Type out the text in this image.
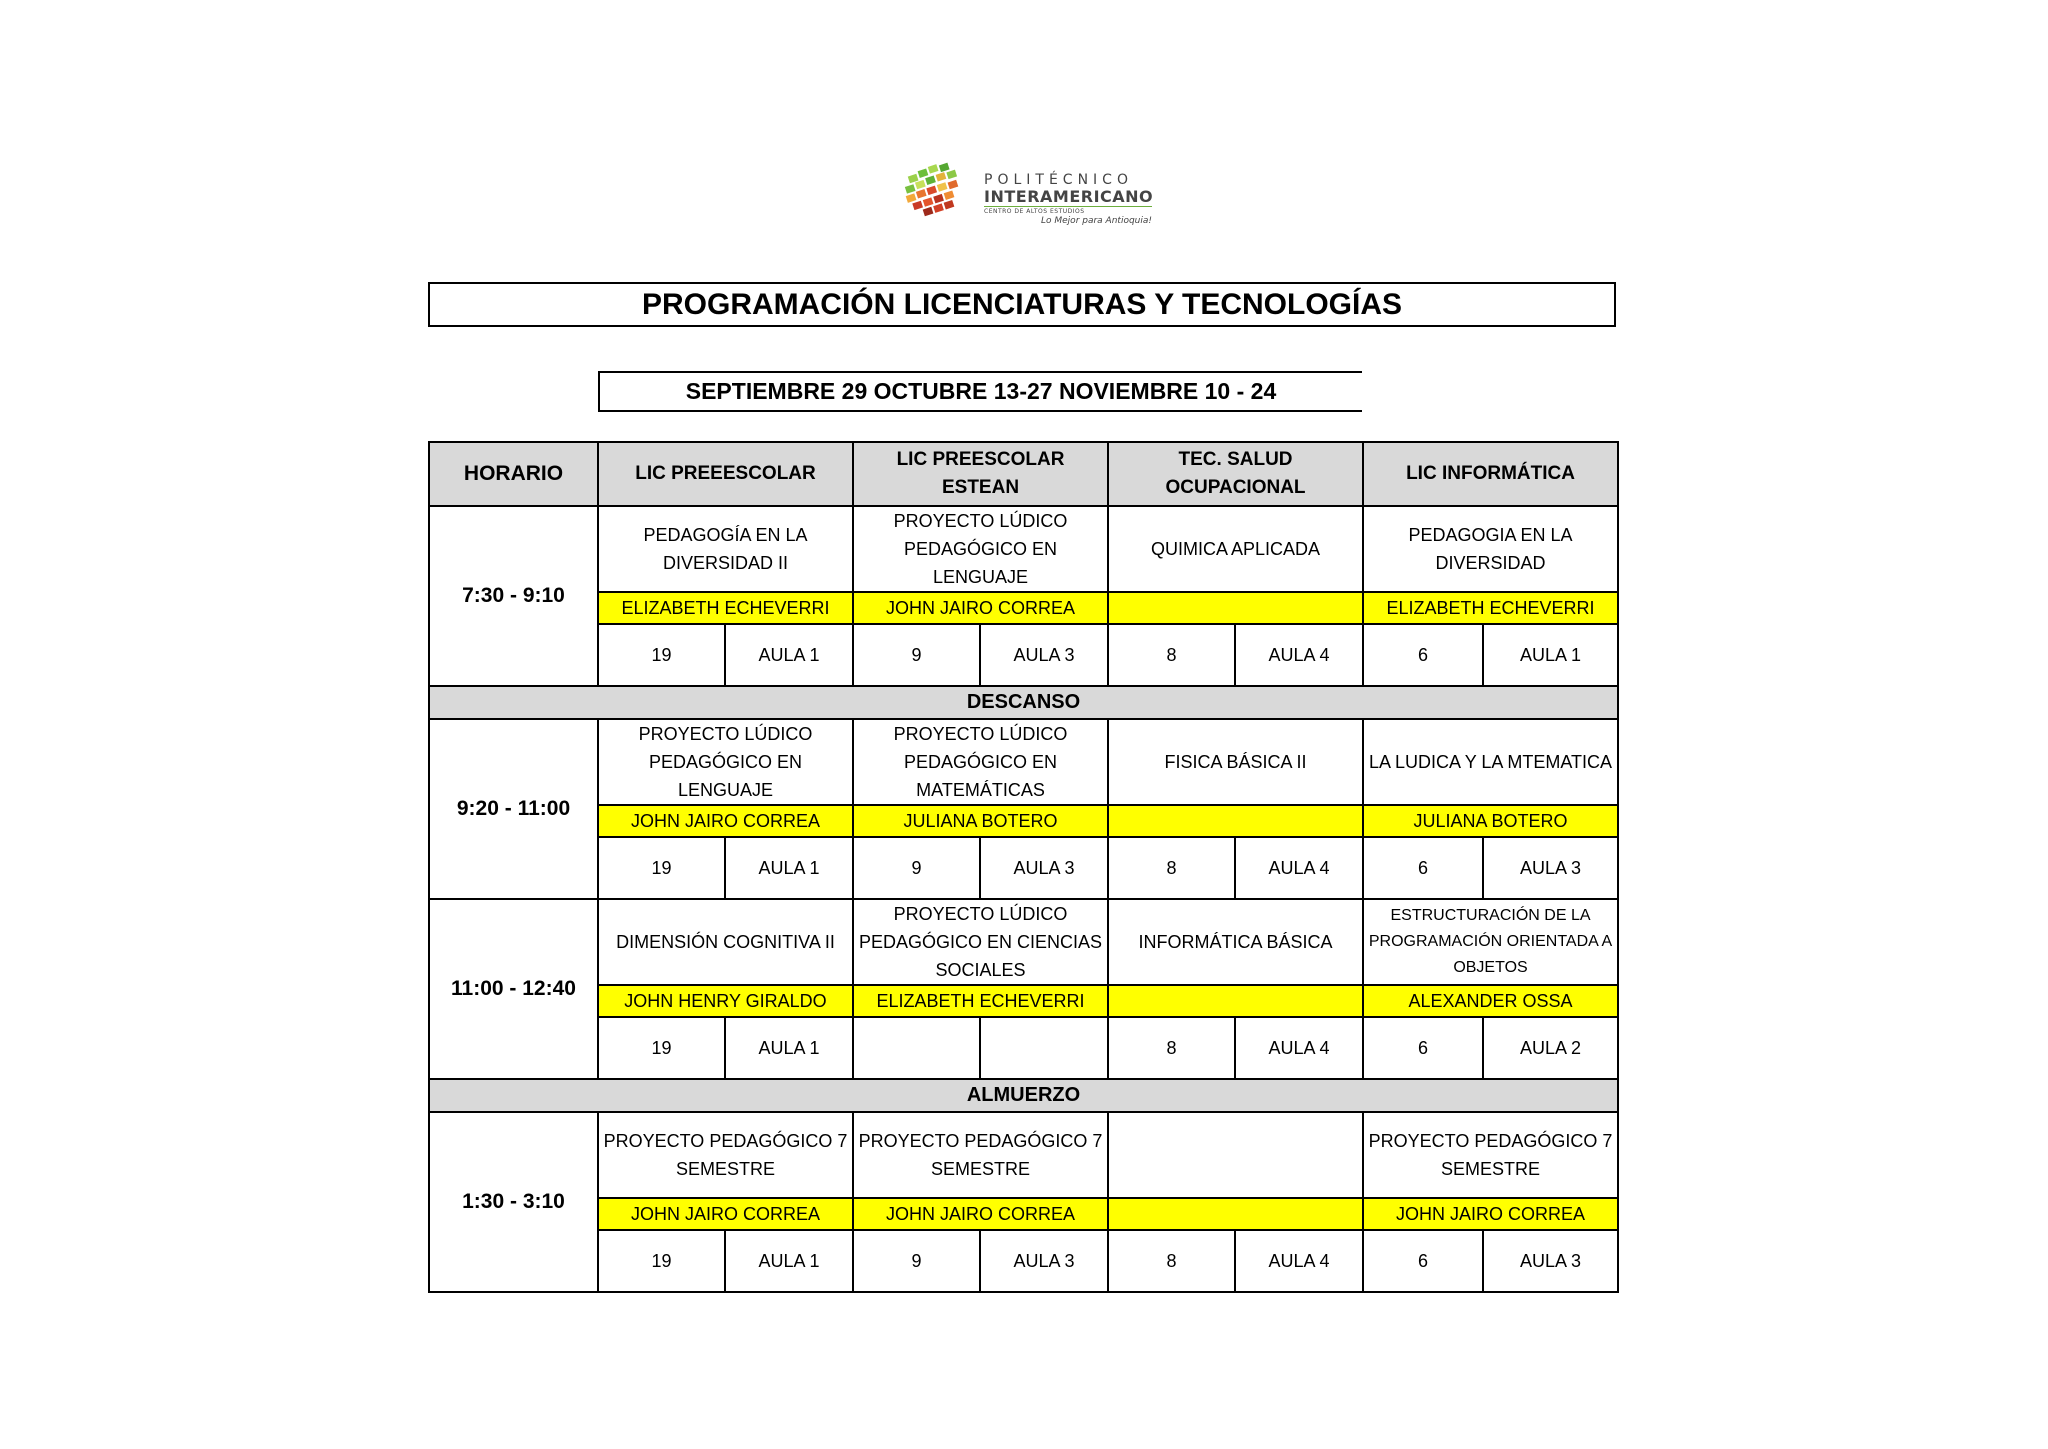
POLITÉCNICO
INTERAMERICANO
CENTRO DE ALTOS ESTUDIOS
Lo Mejor para Antioquia!
PROGRAMACIÓN LICENCIATURAS Y TECNOLOGÍAS
SEPTIEMBRE 29 OCTUBRE 13-27 NOVIEMBRE 10 - 24
HORARIO	LIC PREEESCOLAR		LIC PREESCOLAR ESTEAN		TEC. SALUD OCUPACIONAL		LIC INFORMÁTICA	
7:30 - 9:10	PEDAGOGÍA EN LA DIVERSIDAD II		PROYECTO LÚDICO PEDAGÓGICO EN LENGUAJE		QUIMICA APLICADA		PEDAGOGIA EN LA DIVERSIDAD	
	ELIZABETH ECHEVERRI		JOHN JAIRO CORREA				ELIZABETH ECHEVERRI	
	19	AULA 1	9	AULA 3	8	AULA 4	6	AULA 1
DESCANSO								
9:20 - 11:00	PROYECTO LÚDICO PEDAGÓGICO EN LENGUAJE		PROYECTO LÚDICO PEDAGÓGICO EN MATEMÁTICAS		FISICA BÁSICA II		LA LUDICA Y LA MTEMATICA	
	JOHN JAIRO CORREA		JULIANA BOTERO				JULIANA BOTERO	
	19	AULA 1	9	AULA 3	8	AULA 4	6	AULA 3
11:00 - 12:40	DIMENSIÓN COGNITIVA II		PROYECTO LÚDICO PEDAGÓGICO EN CIENCIAS SOCIALES		INFORMÁTICA BÁSICA		ESTRUCTURACIÓN DE LA PROGRAMACIÓN ORIENTADA A OBJETOS	
	JOHN HENRY GIRALDO		ELIZABETH ECHEVERRI				ALEXANDER OSSA	
	19	AULA 1			8	AULA 4	6	AULA 2
ALMUERZO								
1:30 - 3:10	PROYECTO PEDAGÓGICO 7 SEMESTRE		PROYECTO PEDAGÓGICO 7 SEMESTRE				PROYECTO PEDAGÓGICO 7 SEMESTRE	
	JOHN JAIRO CORREA		JOHN JAIRO CORREA				JOHN JAIRO CORREA	
	19	AULA 1	9	AULA 3	8	AULA 4	6	AULA 3
